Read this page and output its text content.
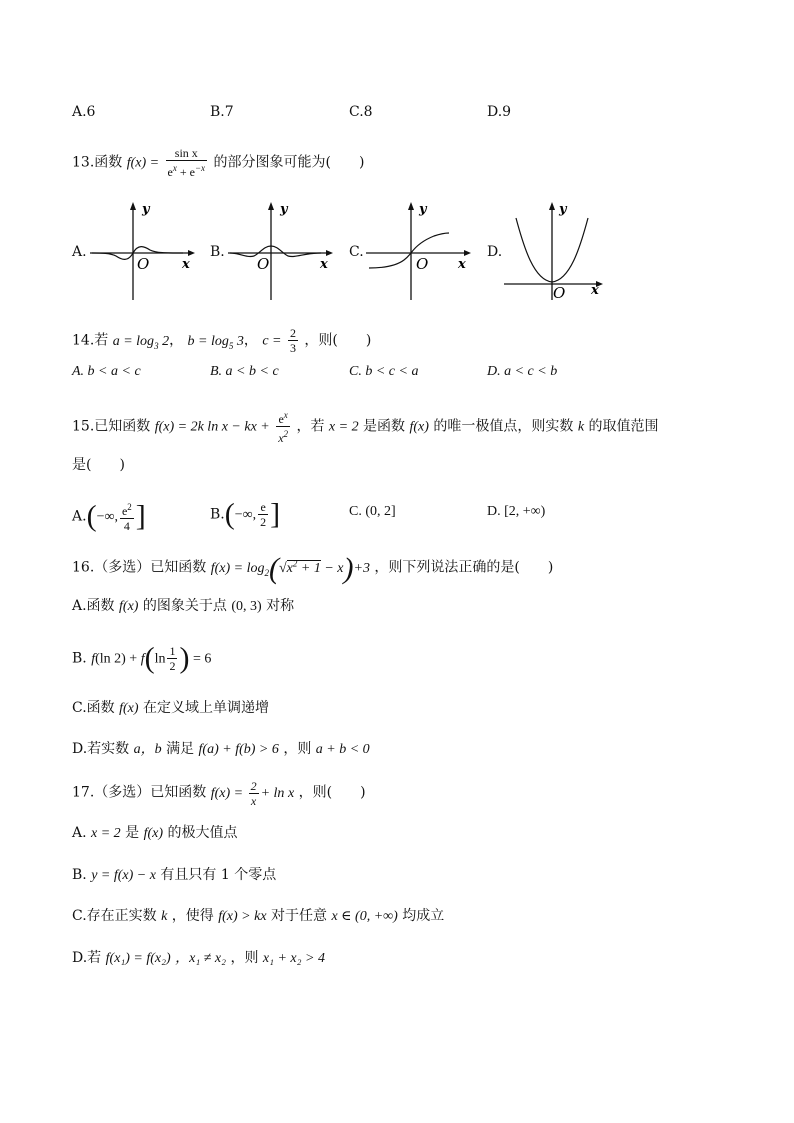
A.6	B.7	C.8	D.9
13.函数 $f(x) = \frac{\text{sin x}}{e^x + e^{-x}}$ 的部分图象可能为(　　)
A.	B.	C.	D.
y
x
O
y
x
O
y
x
O
y
x
O
14.若 $a = \log_3 2$， $b = \log_5 3$， $c = \frac{2}{3}$ ，则(　　)
A. b < a < c	B. a < b < c	C. b < c < a	D. a < c < b
15.已知函数 f(x) = 2k ln x − kx + $\frac{e^x}{x^2}$ ，若 x = 2 是函数 f(x) 的唯一极值点，则实数 k 的取值范围
是(　　)
A.(−∞, $\frac{e^2}{4}$ ]	B.(−∞, $\frac{e}{2}$ ]	C. (0, 2]	D. [2, +∞)
16.（多选）已知函数 $f(x) = \log_2(√x^2 + 1 - x)+3$ ，则下列说法正确的是(　　)
A.函数 f(x) 的图象关于点 (0, 3) 对称
B. f(ln $2) + f(\ln \frac{1}{2}$ ) = 6
C.函数 f(x) 在定义域上单调递增
D.若实数 a，b 满足 f(a) + f(b) > 6 ，则 a + b < 0
17.（多选）已知函数 $f(x) = \frac{2}{x} + \ln x$ ，则(　　)
A. x = 2 是 f(x) 的极大值点
B. y = f(x) − x 有且只有 1 个零点
C.存在正实数 k ，使得 f(x) > kx 对于任意 x ∈ (0, +∞) 均成立
D.若 f(x₁) = f(x₂) ，x₁ ≠ x₂ ，则 x₁ + x₂ > 4
